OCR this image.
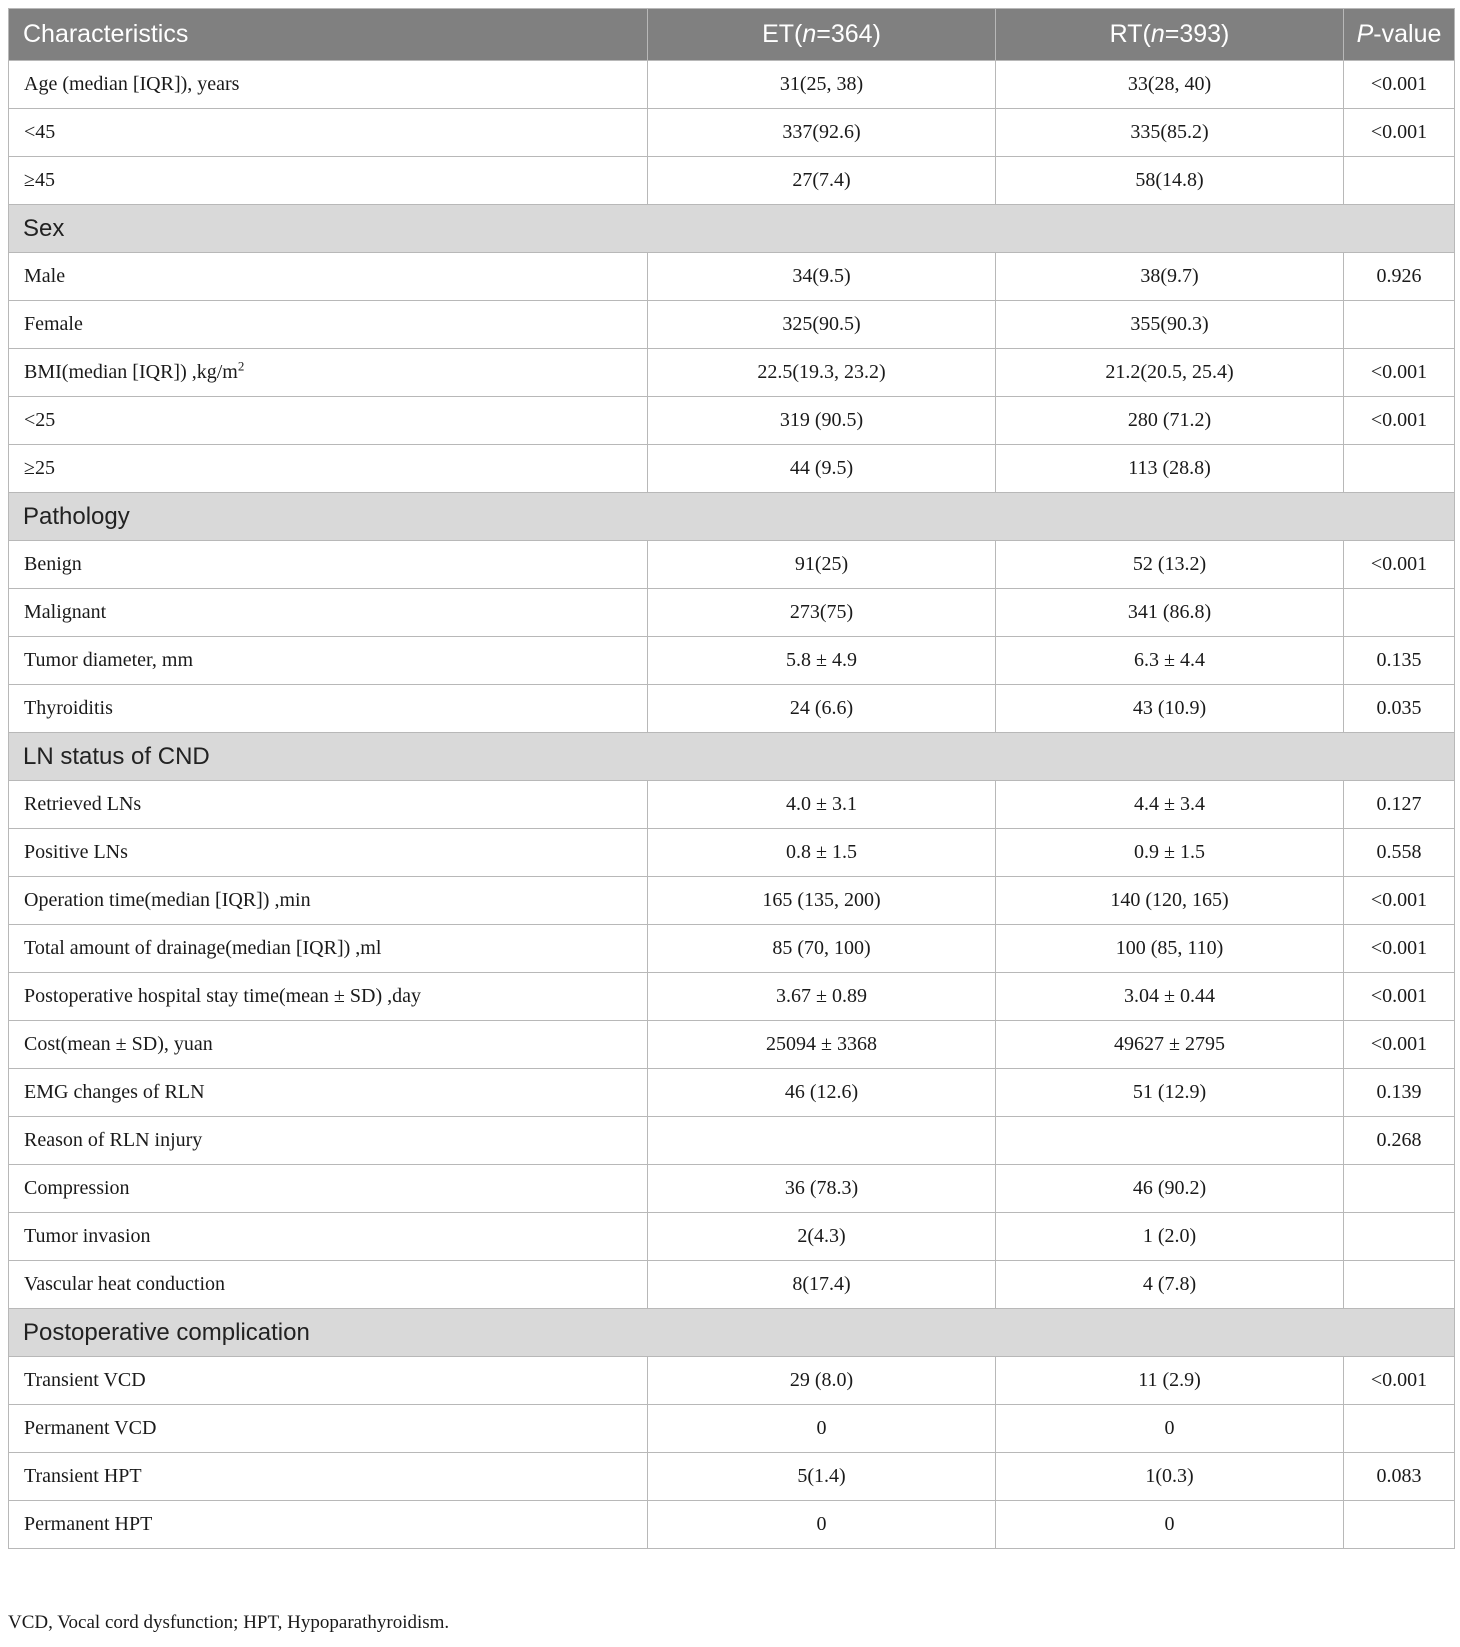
Characteristics	ET(n=364)	RT(n=393)	P-value
Age (median [IQR]), years	31(25, 38)	33(28, 40)	<0.001
<45	337(92.6)	335(85.2)	<0.001
≥45	27(7.4)	58(14.8)	
Sex			
Male	34(9.5)	38(9.7)	0.926
Female	325(90.5)	355(90.3)	
BMI(median [IQR]) $,kg/m^2$	22.5(19.3, 23.2)	21.2(20.5, 25.4)	<0.001
<25	319 (90.5)	280 (71.2)	<0.001
≥25	44 (9.5)	113 (28.8)	
Pathology			
Benign	91(25)	52 (13.2)	<0.001
Malignant	273(75)	341 (86.8)	
Tumor diameter, mm	5.8 ± 4.9	6.3 ± 4.4	0.135
Thyroiditis	24 (6.6)	43 (10.9)	0.035
LN status of CND			
Retrieved LNs	4.0 ± 3.1	4.4 ± 3.4	0.127
Positive LNs	0.8 ± 1.5	0.9 ± 1.5	0.558
Operation time(median [IQR]) ,min	165 (135, 200)	140 (120, 165)	<0.001
Total amount of drainage(median [IQR]) ,ml	85 (70, 100)	100 (85, 110)	<0.001
Postoperative hospital stay time(mean ± SD) ,day	3.67 ± 0.89	3.04 ± 0.44	<0.001
Cost(mean ± SD), yuan	25094 ± 3368	49627 ± 2795	<0.001
EMG changes of RLN	46 (12.6)	51 (12.9)	0.139
Reason of RLN injury			0.268
Compression	36 (78.3)	46 (90.2)	
Tumor invasion	2(4.3)	1 (2.0)	
Vascular heat conduction	8(17.4)	4 (7.8)	
Postoperative complication			
Transient VCD	29 (8.0)	11 (2.9)	<0.001
Permanent VCD	0	0	
Transient HPT	5(1.4)	1(0.3)	0.083
Permanent HPT	0	0	
VCD, Vocal cord dysfunction; HPT, Hypoparathyroidism.
